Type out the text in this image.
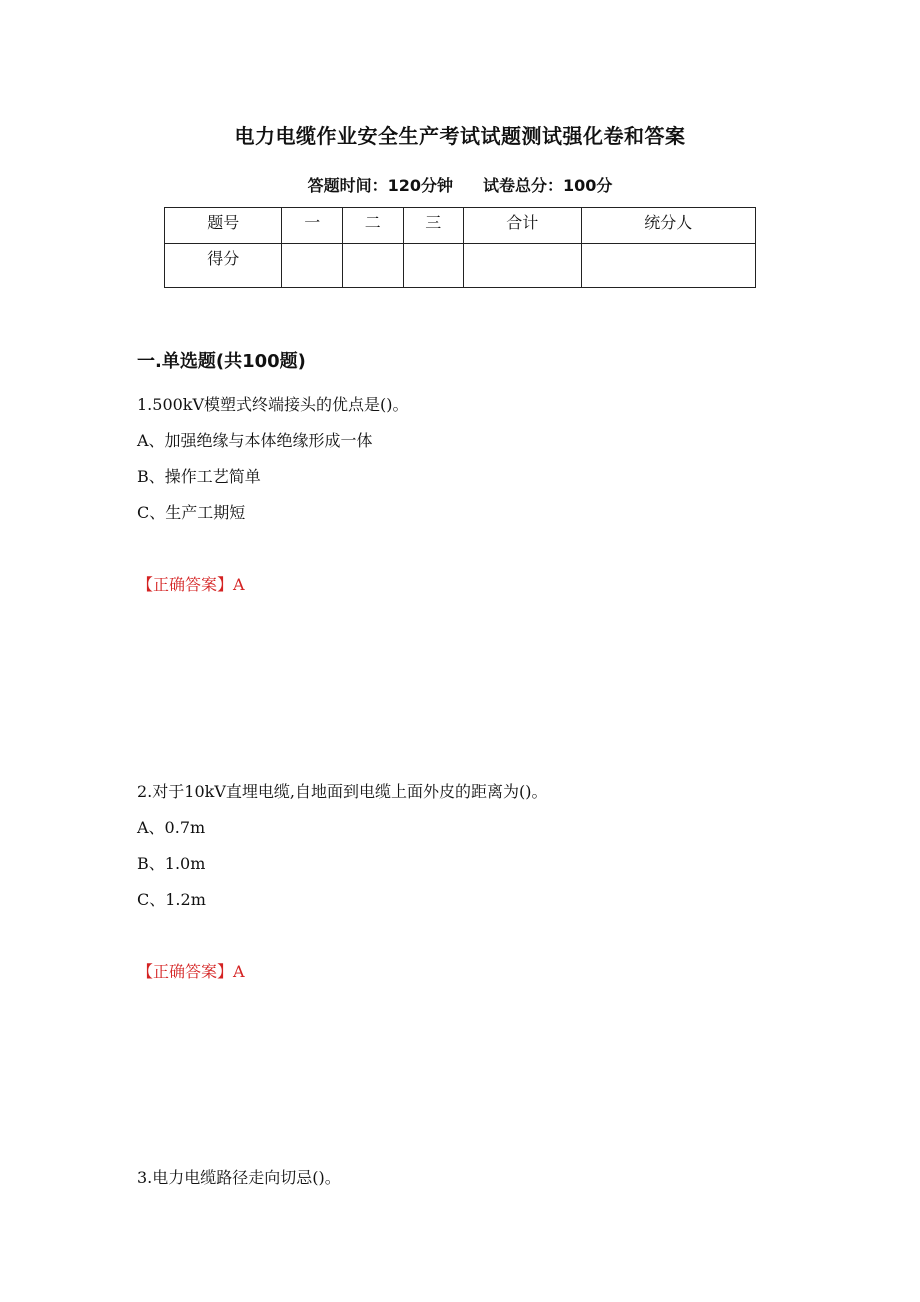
电力电缆作业安全生产考试试题测试强化卷和答案
答题时间：120分钟 试卷总分：100分
题号	一	二	三	合计	统分人
得分					
一.单选题(共100题)
1.500kV模塑式终端接头的优点是()。
A、加强绝缘与本体绝缘形成一体
B、操作工艺简单
C、生产工期短
【正确答案】A
2.对于10kV直埋电缆,自地面到电缆上面外皮的距离为()。
A、0.7m
B、1.0m
C、1.2m
【正确答案】A
3.电力电缆路径走向切忌()。
